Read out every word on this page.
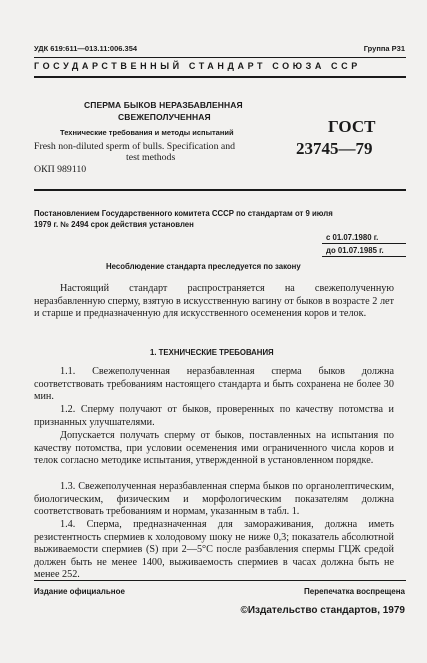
УДК 619:611—013.11:006.354	Группа Р31
ГОСУДАРСТВЕННЫЙ СТАНДАРТ СОЮЗА ССР
СПЕРМА БЫКОВ НЕРАЗБАВЛЕННАЯ
СВЕЖЕПОЛУЧЕННАЯ
Технические требования и методы испытаний
Fresh non-diluted sperm of bulls. Specification and
test methods
ОКП 989110
ГОСТ
23745—79
Постановлением Государственного комитета СССР по стандартам от 9 июля
1979 г. № 2494 срок действия установлен
с 01.07.1980 г.
до 01.07.1985 г.
Несоблюдение стандарта преследуется по закону
Настоящий стандарт распространяется на свежеполученную неразбавленную сперму, взятую в искусственную вагину от быков в возрасте 2 лет и старше и предназначенную для искусственного осеменения коров и телок.
1. ТЕХНИЧЕСКИЕ ТРЕБОВАНИЯ
1.1. Свежеполученная неразбавленная сперма быков должна соответствовать требованиям настоящего стандарта и быть сохранена не более 30 мин.
1.2. Сперму получают от быков, проверенных по качеству потомства и признанных улучшателями.
Допускается получать сперму от быков, поставленных на испытания по качеству потомства, при условии осеменения ими ограниченного числа коров и телок согласно методике испытания, утвержденной в установленном порядке.
1.3. Свежеполученная неразбавленная сперма быков по органолептическим, биологическим, физическим и морфологическим показателям должна соответствовать требованиям и нормам, указанным в табл. 1.
1.4. Сперма, предназначенная для замораживания, должна иметь резистентность спермиев к холодовому шоку не ниже 0,3; показатель абсолютной выживаемости спермиев (S) при 2—5°С после разбавления спермы ГЦЖ средой должен быть не менее 1400, выживаемость спермиев в часах должна быть не менее 252.
Издание официальное	Перепечатка воспрещена
©Издательство стандартов, 1979
